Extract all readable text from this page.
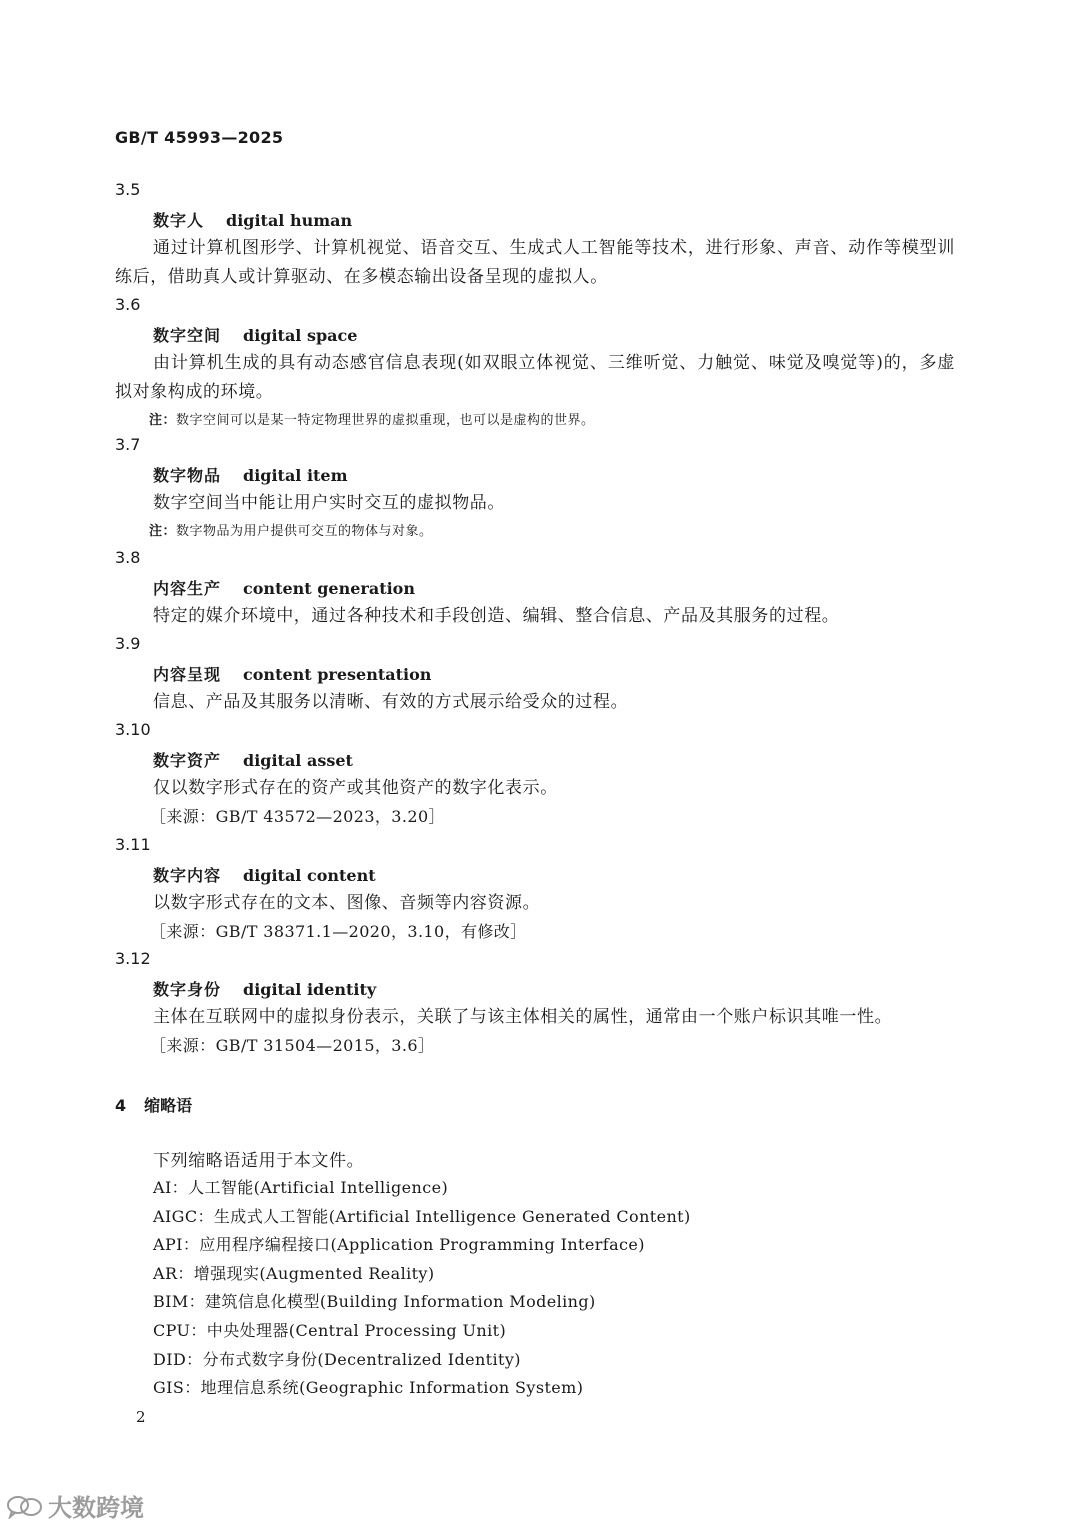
GB/T 45993—2025
3.5
数字人 digital human
通过计算机图形学、计算机视觉、语音交互、生成式人工智能等技术，进行形象、声音、动作等模型训练后，借助真人或计算驱动、在多模态输出设备呈现的虚拟人。
3.6
数字空间 digital space
由计算机生成的具有动态感官信息表现(如双眼立体视觉、三维听觉、力触觉、味觉及嗅觉等)的，多虚拟对象构成的环境。
注：数字空间可以是某一特定物理世界的虚拟重现，也可以是虚构的世界。
3.7
数字物品 digital item
数字空间当中能让用户实时交互的虚拟物品。
注：数字物品为用户提供可交互的物体与对象。
3.8
内容生产 content generation
特定的媒介环境中，通过各种技术和手段创造、编辑、整合信息、产品及其服务的过程。
3.9
内容呈现 content presentation
信息、产品及其服务以清晰、有效的方式展示给受众的过程。
3.10
数字资产 digital asset
仅以数字形式存在的资产或其他资产的数字化表示。
［来源：GB/T 43572—2023，3.20］
3.11
数字内容 digital content
以数字形式存在的文本、图像、音频等内容资源。
［来源：GB/T 38371.1—2020，3.10，有修改］
3.12
数字身份 digital identity
主体在互联网中的虚拟身份表示，关联了与该主体相关的属性，通常由一个账户标识其唯一性。
［来源：GB/T 31504—2015，3.6］
4 缩略语
下列缩略语适用于本文件。
AI：人工智能(Artificial Intelligence)
AIGC：生成式人工智能(Artificial Intelligence Generated Content)
API：应用程序编程接口(Application Programming Interface)
AR：增强现实(Augmented Reality)
BIM：建筑信息化模型(Building Information Modeling)
CPU：中央处理器(Central Processing Unit)
DID：分布式数字身份(Decentralized Identity)
GIS：地理信息系统(Geographic Information System)
2
大数跨境
